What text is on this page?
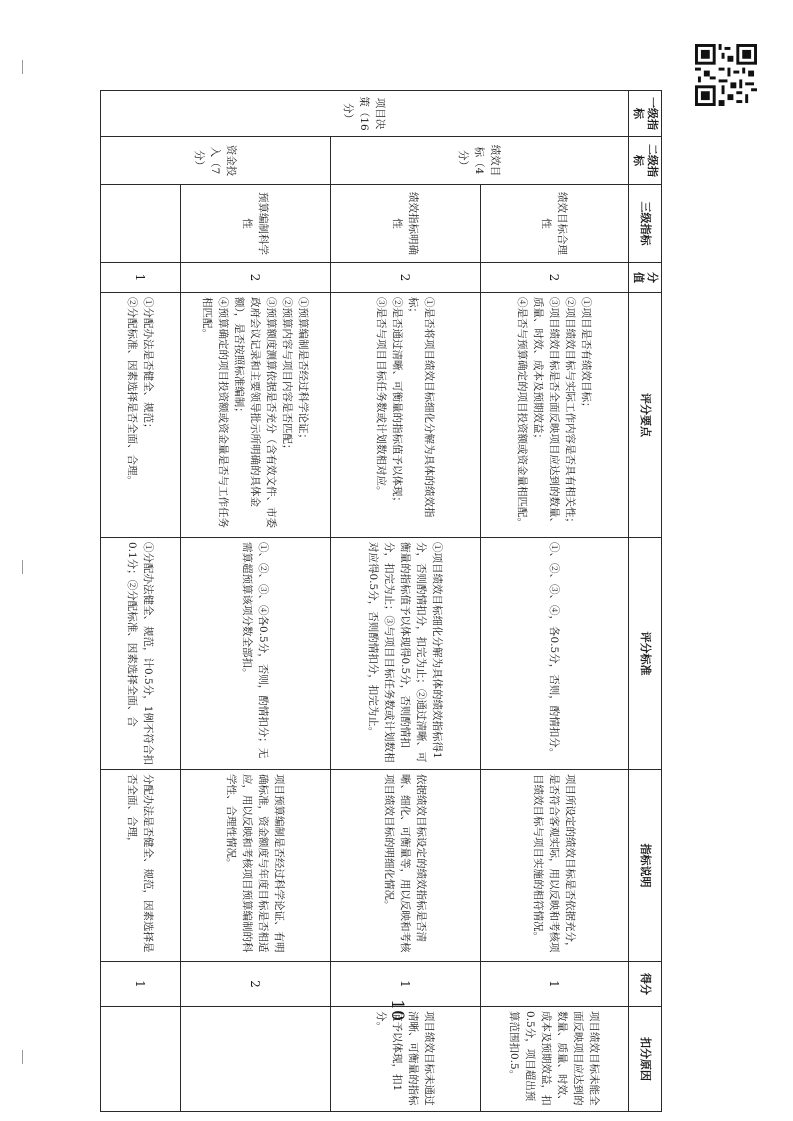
一级指标	二级指标	三级指标	分值	评分要点	评分标准	指标说明	得分	扣分原因
项目决策（16分）	绩效目标（4分）	绩效目标合理性	2	①项目是否有绩效目标；
②项目绩效目标与实际工作内容是否具有相关性；
③项目绩效目标是否全面反映项目应达到的数量、质量、时效、成本及预期效益；
④是否与预算确定的项目投资额或资金量相匹配。	①、②、③、④，各0.5分，否则，酌情扣分。	项目所设定的绩效目标是否依据充分，是否符合客观实际，用以反映和考核项目绩效目标与项目实施的相符情况。	1	项目绩效目标未能全面反映项目应达到的数量、质量、时效、成本及预期效益，扣0.5分，项目超出预算范围扣0.5。
		绩效指标明确性	2	①是否将项目绩效目标细化分解为具体的绩效指标；
②是否通过清晰、可衡量的指标值予以体现；
③是否与项目目标任务数或计划数相对应。	①项目绩效目标细化分解为具体的绩效指标得1分，否则酌情扣分，扣完为止；②通过清晰、可衡量的指标值予以体现得0.5分，否则酌情扣分，扣完为止；③与项目目标任务数或计划数相对应得0.5分，否则酌情扣分，扣完为止。	依据绩效目标设定的绩效指标是否清晰、细化、可衡量等，用以反映和考核项目绩效目标的明细化情况。	1	项目绩效目标未通过清晰、可衡量的指标值予以体现，扣1分。
	资金投入（7分）	预算编制科学性	2	①预算编制是否经过科学论证；
②预算内容与项目内容是否匹配；
③预算额度测算依据是否充分（含有效文件、市委政府会议记录和主要领导批示所明确的具体金额），是否按照标准编制；
④预算确定的项目投资额或资金量是否与工作任务相匹配。	①、②、③、④各0.5分，否则，酌情扣分；无需算超预算该项分数全部扣。	项目预算编制是否经过科学论证、有明确标准，资金额度与年度目标是否相适应，用以反映和考核项目预算编制的科学性、合理性情况。	2	
			1	①分配办法是否健全、规范；
②分配标准、因素选择是否全面、合理。	①分配办法健全、规范，计0.5分，1例不符合扣0.1分；②分配标准、因素选择全面、合	分配办法是否健全、规范，因素选择是否全面、合理，	1	
10
